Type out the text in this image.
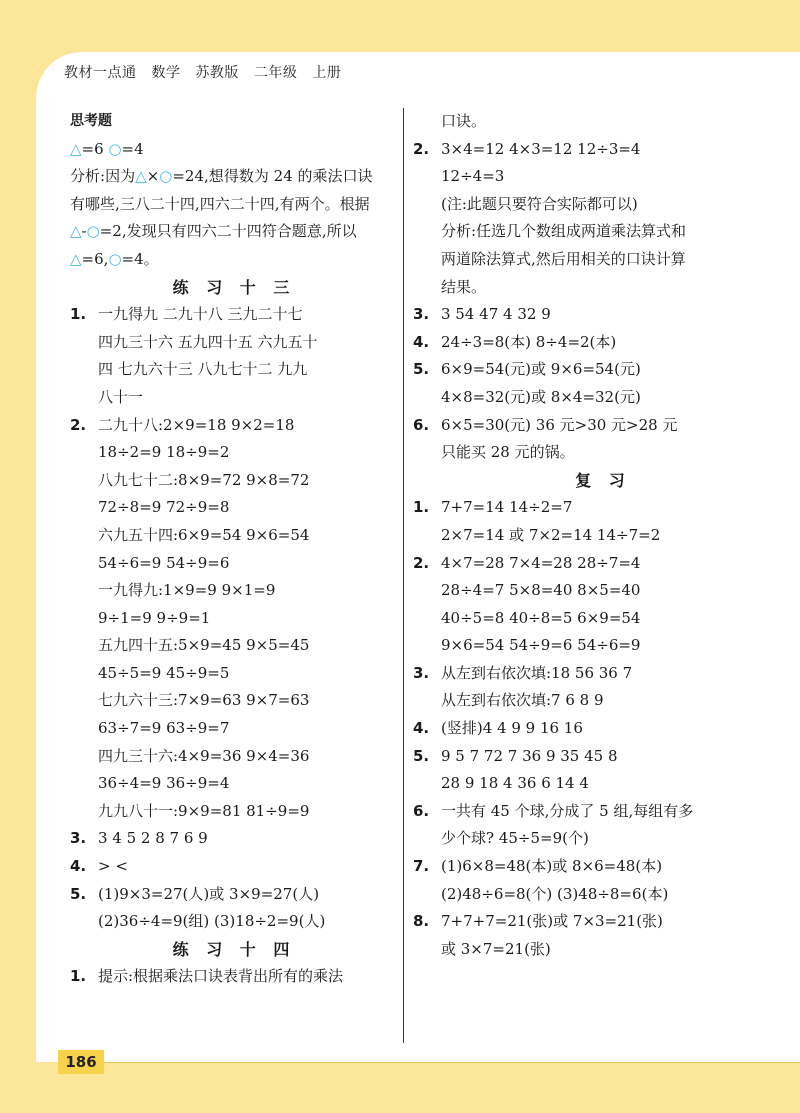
教材一点通 数学 苏教版 二年级 上册
思考题
△=6 ○=4
分析:因为△×○=24,想得数为 24 的乘法口诀
有哪些,三八二十四,四六二十四,有两个。根据
△-○=2,发现只有四六二十四符合题意,所以
△=6,○=4。
练 习 十 三
1. 一九得九 二九十八 三九二十七
四九三十六 五九四十五 六九五十
四 七九六十三 八九七十二 九九
八十一
2. 二九十八:2×9=18 9×2=18
18÷2=9 18÷9=2
八九七十二:8×9=72 9×8=72
72÷8=9 72÷9=8
六九五十四:6×9=54 9×6=54
54÷6=9 54÷9=6
一九得九:1×9=9 9×1=9
9÷1=9 9÷9=1
五九四十五:5×9=45 9×5=45
45÷5=9 45÷9=5
七九六十三:7×9=63 9×7=63
63÷7=9 63÷9=7
四九三十六:4×9=36 9×4=36
36÷4=9 36÷9=4
九九八十一:9×9=81 81÷9=9
3. 3 4 5 2 8 7 6 9
4. > <
5. (1)9×3=27(人)或 3×9=27(人)
(2)36÷4=9(组) (3)18÷2=9(人)
练 习 十 四
1. 提示:根据乘法口诀表背出所有的乘法
口诀。
2. 3×4=12 4×3=12 12÷3=4
12÷4=3
(注:此题只要符合实际都可以)
分析:任选几个数组成两道乘法算式和
两道除法算式,然后用相关的口诀计算
结果。
3. 3 54 47 4 32 9
4. 24÷3=8(本) 8÷4=2(本)
5. 6×9=54(元)或 9×6=54(元)
4×8=32(元)或 8×4=32(元)
6. 6×5=30(元) 36 元>30 元>28 元
只能买 28 元的锅。
复 习
1. 7+7=14 14÷2=7
2×7=14 或 7×2=14 14÷7=2
2. 4×7=28 7×4=28 28÷7=4
28÷4=7 5×8=40 8×5=40
40÷5=8 40÷8=5 6×9=54
9×6=54 54÷9=6 54÷6=9
3. 从左到右依次填:18 56 36 7
从左到右依次填:7 6 8 9
4. (竖排)4 4 9 9 16 16
5. 9 5 7 72 7 36 9 35 45 8
28 9 18 4 36 6 14 4
6. 一共有 45 个球,分成了 5 组,每组有多
少个球? 45÷5=9(个)
7. (1)6×8=48(本)或 8×6=48(本)
(2)48÷6=8(个) (3)48÷8=6(本)
8. 7+7+7=21(张)或 7×3=21(张)
或 3×7=21(张)
186
